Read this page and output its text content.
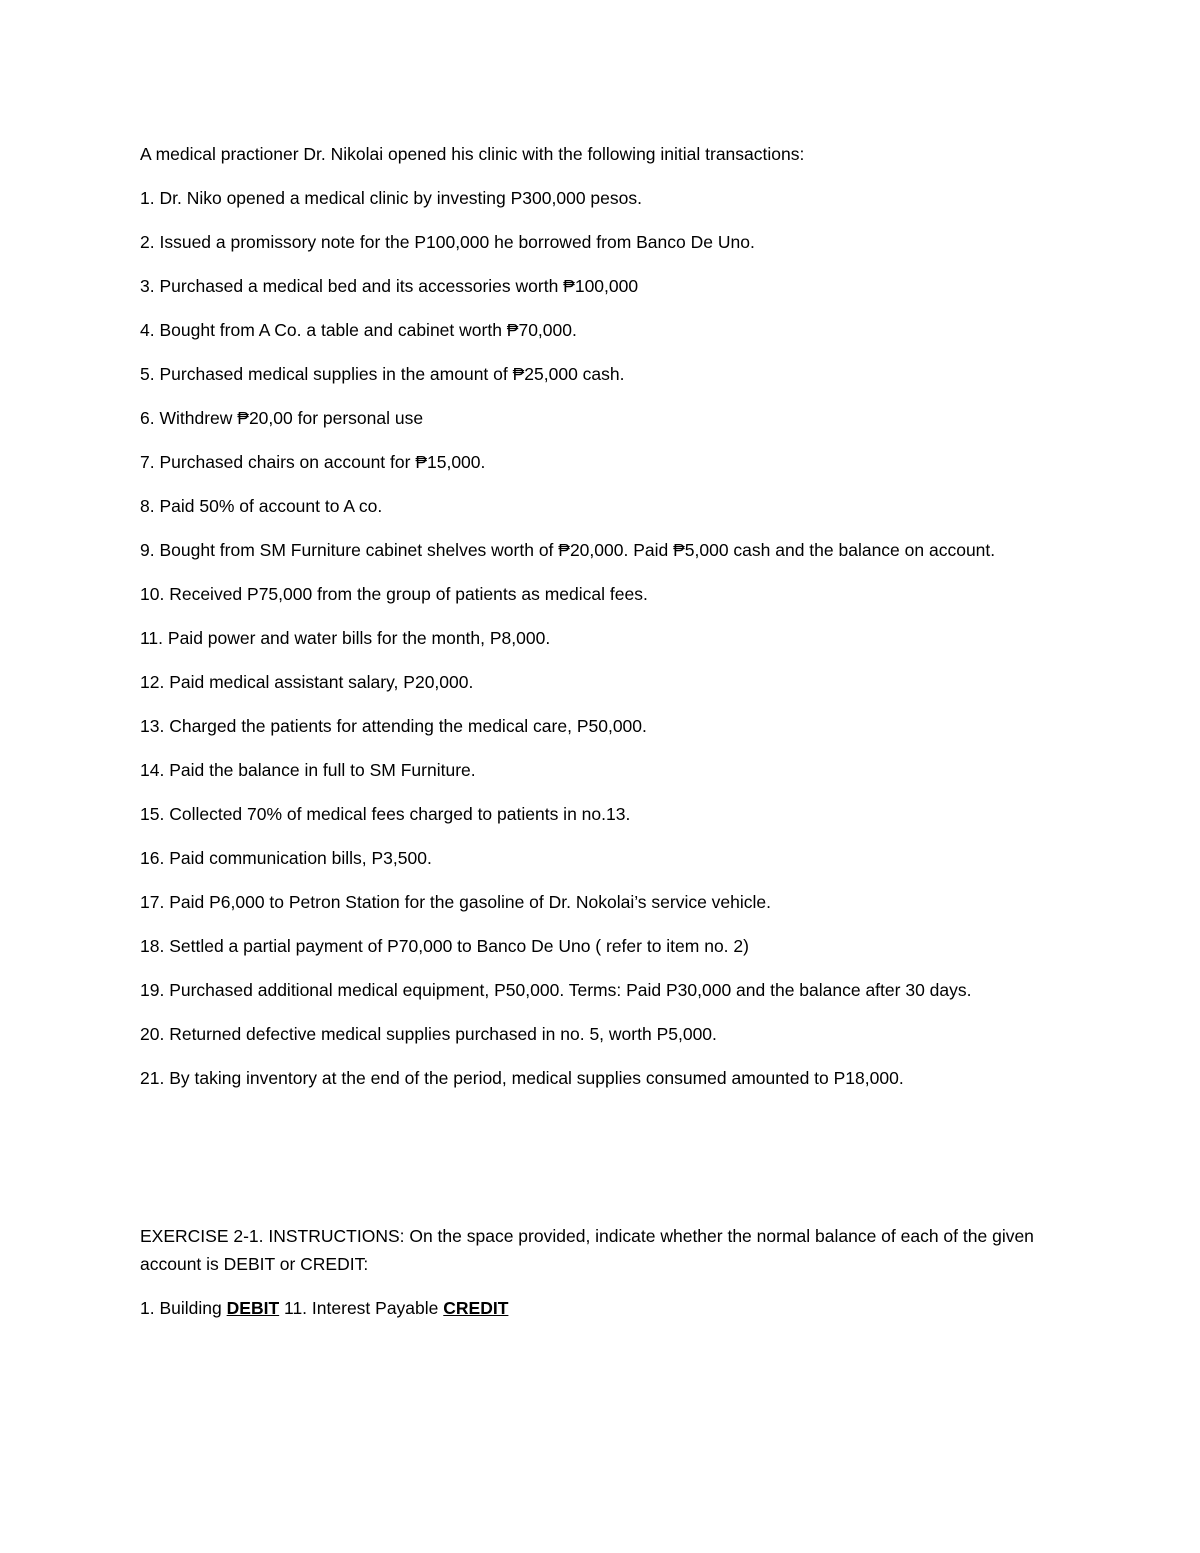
A medical practioner Dr. Nikolai opened his clinic with the following initial transactions:

1. Dr. Niko opened a medical clinic by investing P300,000 pesos.

2. Issued a promissory note for the P100,000 he borrowed from Banco De Uno.

3. Purchased a medical bed and its accessories worth ₱100,000

4. Bought from A Co. a table and cabinet worth ₱70,000.

5. Purchased medical supplies in the amount of ₱25,000 cash.

6. Withdrew ₱20,00 for personal use

7. Purchased chairs on account for ₱15,000.

8. Paid 50% of account to A co.

9. Bought from SM Furniture cabinet shelves worth of ₱20,000. Paid ₱5,000 cash and the balance on account.

10. Received P75,000 from the group of patients as medical fees.

11. Paid power and water bills for the month, P8,000.

12. Paid medical assistant salary, P20,000.

13. Charged the patients for attending the medical care, P50,000.

14. Paid the balance in full to SM Furniture.

15. Collected 70% of medical fees charged to patients in no.13.

16. Paid communication bills, P3,500.

17. Paid P6,000 to Petron Station for the gasoline of Dr. Nokolai’s service vehicle.

18. Settled a partial payment of P70,000 to Banco De Uno ( refer to item no. 2)

19. Purchased additional medical equipment, P50,000. Terms: Paid P30,000 and the balance after 30 days.

20. Returned defective medical supplies purchased in no. 5, worth P5,000.

21. By taking inventory at the end of the period, medical supplies consumed amounted to P18,000.

EXERCISE 2-1. INSTRUCTIONS: On the space provided, indicate whether the normal balance of each of the given account is DEBIT or CREDIT:

1. Building DEBIT 11. Interest Payable CREDIT
